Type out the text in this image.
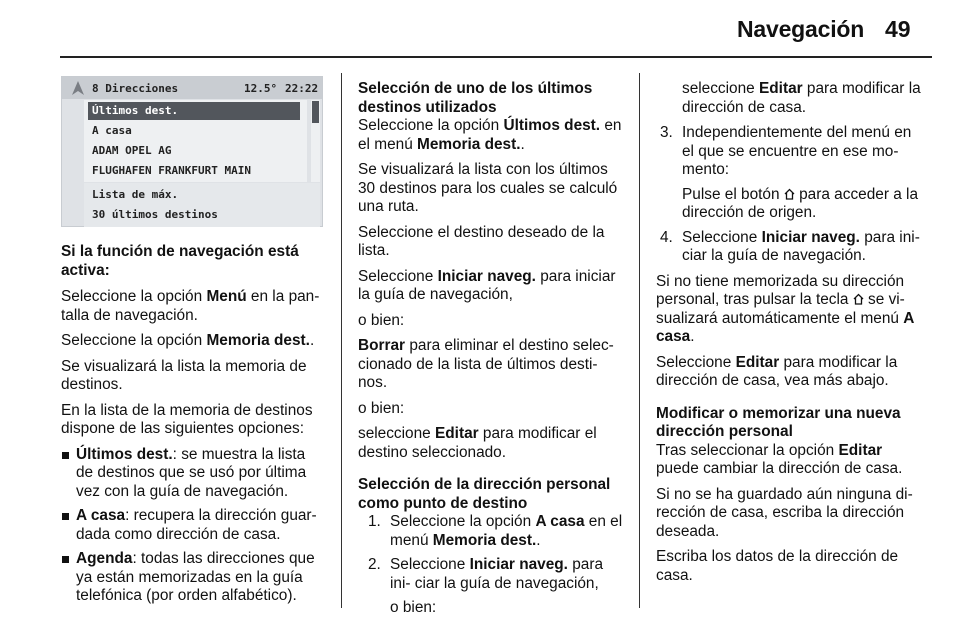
Navegación 49
8 Direcciones	12.5° 22:22
Últimos dest.
A casa
ADAM OPEL AG
FLUGHAFEN FRANKFURT MAIN
Lista de máx.
30 últimos destinos

Si la función de navegación está activa:

Seleccione la opción Menú en la pan- talla de navegación.

Seleccione la opción Memoria dest..

Se visualizará la lista la memoria de destinos.

En la lista de la memoria de destinos dispone de las siguientes opciones:

Últimos dest.: se muestra la lista de destinos que se usó por última vez con la guía de navegación.
A casa: recupera la dirección guar- dada como dirección de casa.
Agenda: todas las direcciones que ya están memorizadas en la guía telefónica (por orden alfabético).

Selección de uno de los últimos destinos utilizados

Seleccione la opción Últimos dest. en el menú Memoria dest..

Se visualizará la lista con los últimos 30 destinos para los cuales se calculó una ruta.

Seleccione el destino deseado de la lista.

Seleccione Iniciar naveg. para iniciar la guía de navegación,

o bien:

Borrar para eliminar el destino selec- cionado de la lista de últimos desti- nos.

o bien:

seleccione Editar para modificar el destino seleccionado.

Selección de la dirección personal como punto de destino

1. Seleccione la opción A casa en el menú Memoria dest..

2. Seleccione Iniciar naveg. para ini- ciar la guía de navegación,

o bien:

seleccione Editar para modificar la dirección de casa.

3. Independientemente del menú en el que se encuentre en ese mo- mento:

Pulse el botón  para acceder a la dirección de origen.

4. Seleccione Iniciar naveg. para ini- ciar la guía de navegación.

Si no tiene memorizada su dirección personal, tras pulsar la tecla  se vi- sualizará automáticamente el menú A casa.

Seleccione Editar para modificar la dirección de casa, vea más abajo.

Modificar o memorizar una nueva dirección personal

Tras seleccionar la opción Editar puede cambiar la dirección de casa.

Si no se ha guardado aún ninguna di- rección de casa, escriba la dirección deseada.

Escriba los datos de la dirección de casa.
